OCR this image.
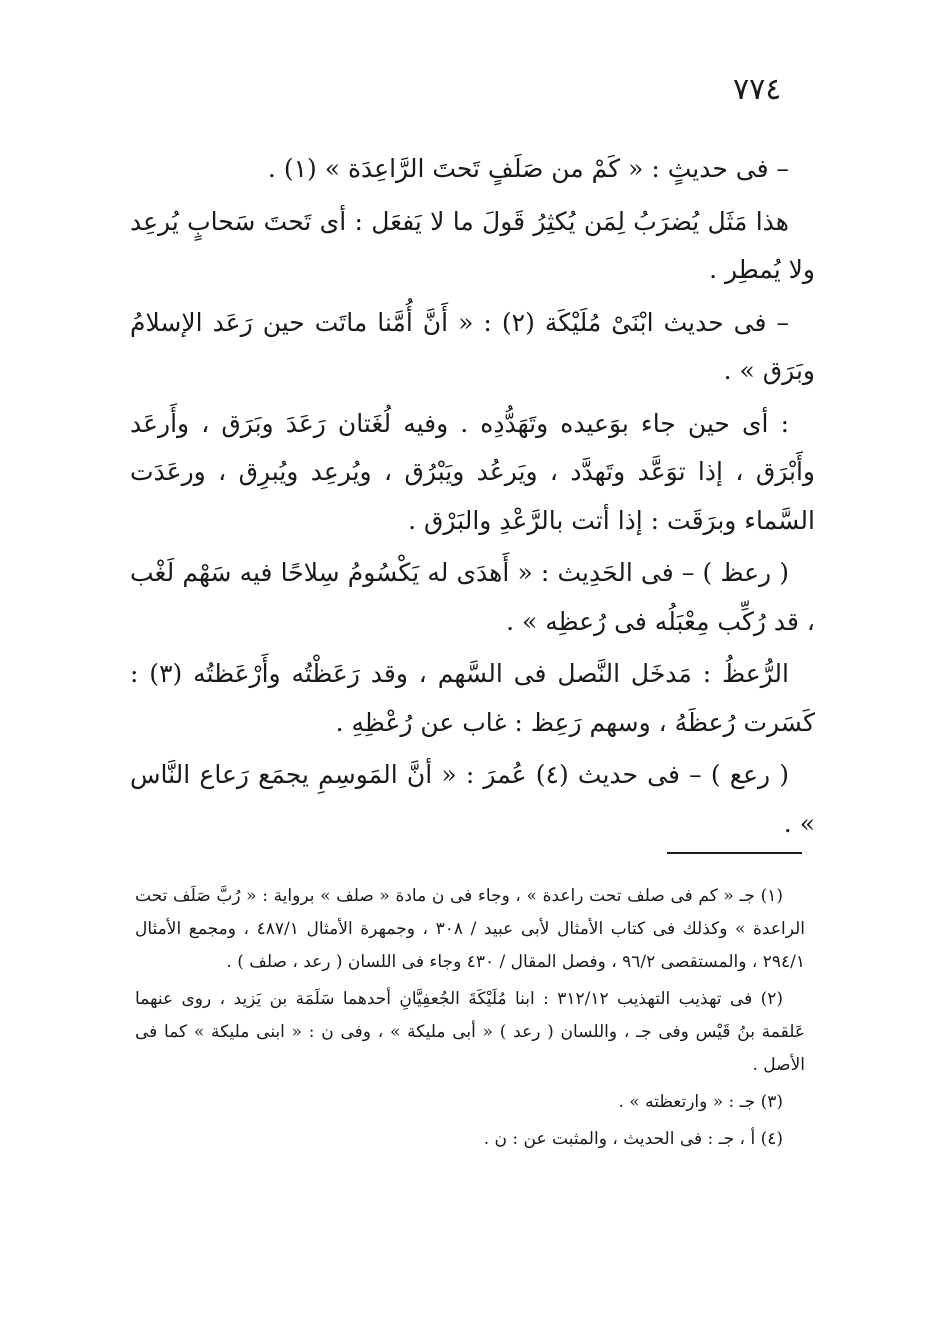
٧٧٤

– فى حديثٍ : « كَمْ من صَلَفٍ تَحتَ الرَّاعِدَة » (١) .

هذا مَثَل يُضرَبُ لِمَن يُكثِرُ قَولَ ما لا يَفعَل : أى تَحتَ سَحابٍ يُرعِد ولا يُمطِر .

– فى حديث ابْنَىْ مُلَيْكَة (٢) : « أَنَّ أُمَّنا ماتَت حين رَعَد الإسلامُ وبَرَق » .

: أى حين جاء بوَعيده وتَهَدُّدِه . وفيه لُغَتان رَعَدَ وبَرَق ، وأَرعَد وأَبْرَق ، إذا توَعَّد وتَهدَّد ، ويَرعُد ويَبْرُق ، ويُرعِد ويُبرِق ، ورعَدَت السَّماء وبرَقَت : إذا أتت بالرَّعْدِ والبَرْق .

( رعظ ) – فى الحَدِيث : « أَهدَى له يَكْسُومُ سِلاحًا فيه سَهْم لَغْب ، قد رُكِّب مِعْبَلُه فى رُعظِه » .

الرُّعظُ : مَدخَل النَّصل فى السَّهم ، وقد رَعَظْتُه وأَرْعَظتُه (٣) : كَسَرت رُعظَهُ ، وسهم رَعِظ : غاب عن رُعْظِهِ .

( رعع ) – فى حديث (٤) عُمرَ : « أنَّ المَوسِمِ يجمَع رَعاع النَّاس » .

(١) جـ « كم فى صلف تحت راعدة » ، وجاء فى ن مادة « صلف » برواية : « رُبَّ صَلَف تحت الراعدة » وكذلك فى كتاب الأمثال لأبى عبيد / ٣٠٨ ، وجمهرة الأمثال ٤٨٧/١ ، ومجمع الأمثال ٢٩٤/١ ، والمستقصى ٩٦/٢ ، وفصل المقال / ٤٣٠ وجاء فى اللسان ( رعد ، صلف ) .

(٢) فى تهذيب التهذيب ٣١٢/١٢ : ابنا مُلَيْكَةَ الجُعفِيَّانِ أحدهما سَلَمَة بن يَزيد ، روى عنهما عَلقمة بنُ قَيْس وفى جـ ، واللسان ( رعد ) « أبى مليكة » ، وفى ن : « ابنى مليكة » كما فى الأصل .

(٣) جـ : « وارتعظته » .

(٤) أ ، جـ : فى الحديث ، والمثبت عن : ن .
